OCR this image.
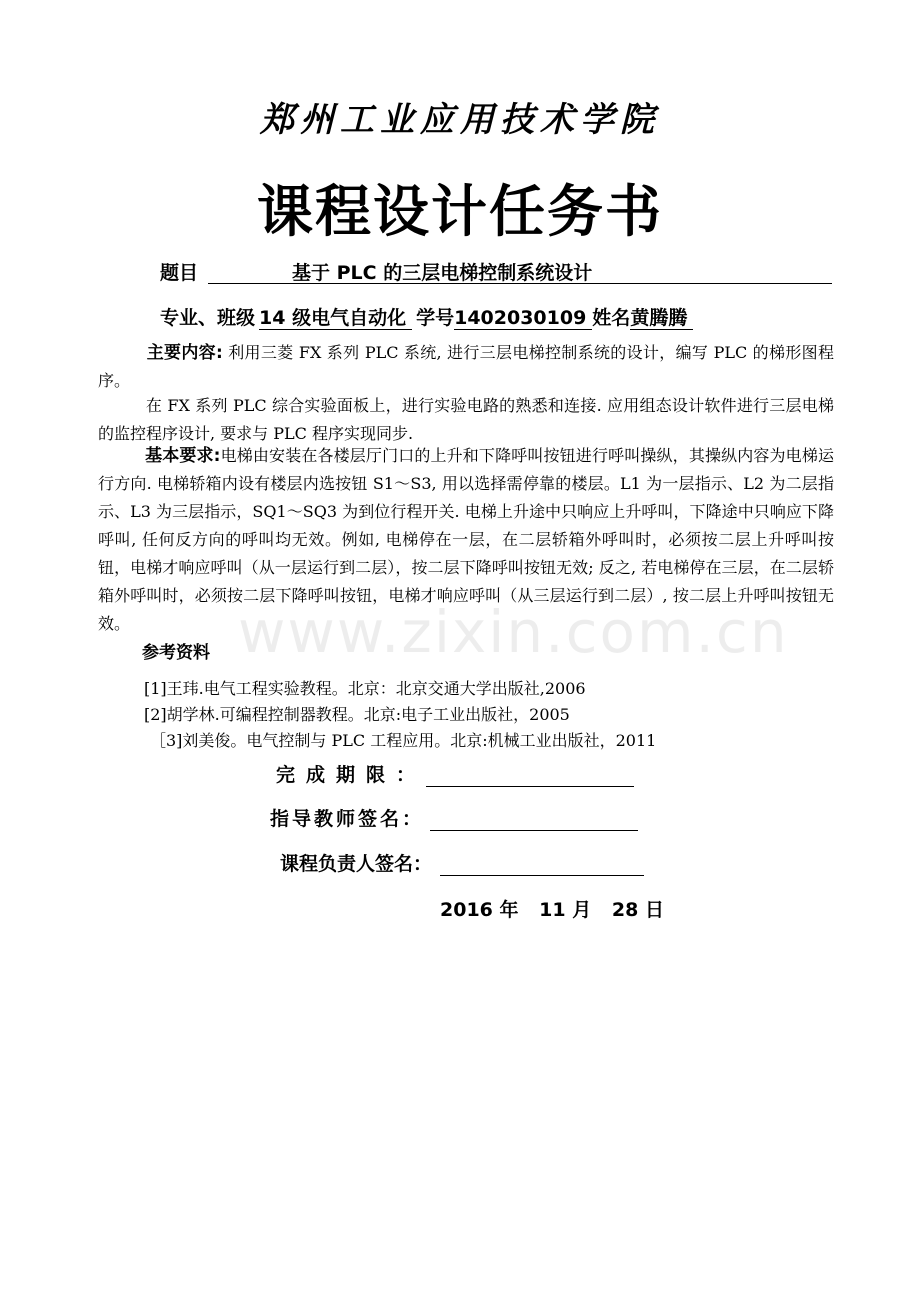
郑州工业应用技术学院
课程设计任务书
题目	基于 PLC 的三层电梯控制系统设计
专业、班级 14 级电气自动化 学号1402030109 姓名黄腾腾
主要内容: 利用三菱 FX 系列 PLC 系统, 进行三层电梯控制系统的设计，编写 PLC 的梯形图程序。
在 FX 系列 PLC 综合实验面板上，进行实验电路的熟悉和连接. 应用组态设计软件进行三层电梯的监控程序设计, 要求与 PLC 程序实现同步.
基本要求:电梯由安装在各楼层厅门口的上升和下降呼叫按钮进行呼叫操纵，其操纵内容为电梯运行方向. 电梯轿箱内设有楼层内选按钮 S1～S3, 用以选择需停靠的楼层。L1 为一层指示、L2 为二层指示、L3 为三层指示，SQ1～SQ3 为到位行程开关. 电梯上升途中只响应上升呼叫，下降途中只响应下降呼叫, 任何反方向的呼叫均无效。例如, 电梯停在一层，在二层轿箱外呼叫时，必须按二层上升呼叫按钮，电梯才响应呼叫（从一层运行到二层），按二层下降呼叫按钮无效; 反之, 若电梯停在三层，在二层轿箱外呼叫时，必须按二层下降呼叫按钮，电梯才响应呼叫（从三层运行到二层）, 按二层上升呼叫按钮无效。	www.zixin.com.cn
参考资料
[1]王玮.电气工程实验教程。北京：北京交通大学出版社,2006
[2]胡学林.可编程控制器教程。北京:电子工业出版社，2005
［3]刘美俊。电气控制与 PLC 工程应用。北京:机械工业出版社，2011
完成期限：
指导教师签名：
课程负责人签名：
2016 年 11 月 28 日
